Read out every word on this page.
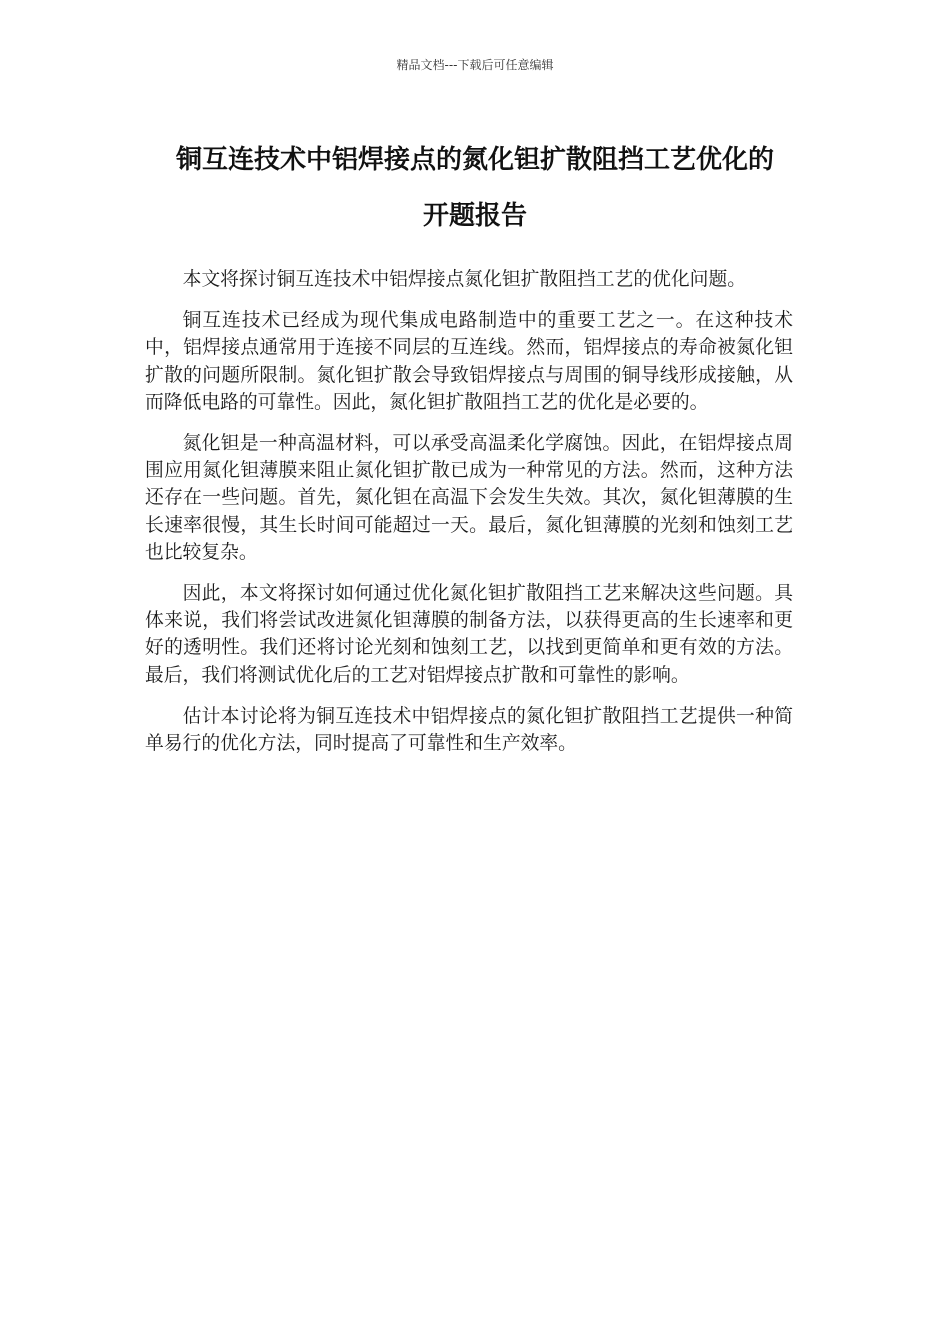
精品文档---下载后可任意编辑
铜互连技术中铝焊接点的氮化钽扩散阻挡工艺优化的
开题报告

本文将探讨铜互连技术中铝焊接点氮化钽扩散阻挡工艺的优化问题。

铜互连技术已经成为现代集成电路制造中的重要工艺之一。在这种技术中，铝焊接点通常用于连接不同层的互连线。然而，铝焊接点的寿命被氮化钽扩散的问题所限制。氮化钽扩散会导致铝焊接点与周围的铜导线形成接触，从而降低电路的可靠性。因此，氮化钽扩散阻挡工艺的优化是必要的。

氮化钽是一种高温材料，可以承受高温柔化学腐蚀。因此，在铝焊接点周围应用氮化钽薄膜来阻止氮化钽扩散已成为一种常见的方法。然而，这种方法还存在一些问题。首先，氮化钽在高温下会发生失效。其次，氮化钽薄膜的生长速率很慢，其生长时间可能超过一天。最后，氮化钽薄膜的光刻和蚀刻工艺也比较复杂。

因此，本文将探讨如何通过优化氮化钽扩散阻挡工艺来解决这些问题。具体来说，我们将尝试改进氮化钽薄膜的制备方法，以获得更高的生长速率和更好的透明性。我们还将讨论光刻和蚀刻工艺，以找到更简单和更有效的方法。最后，我们将测试优化后的工艺对铝焊接点扩散和可靠性的影响。

估计本讨论将为铜互连技术中铝焊接点的氮化钽扩散阻挡工艺提供一种简单易行的优化方法，同时提高了可靠性和生产效率。
